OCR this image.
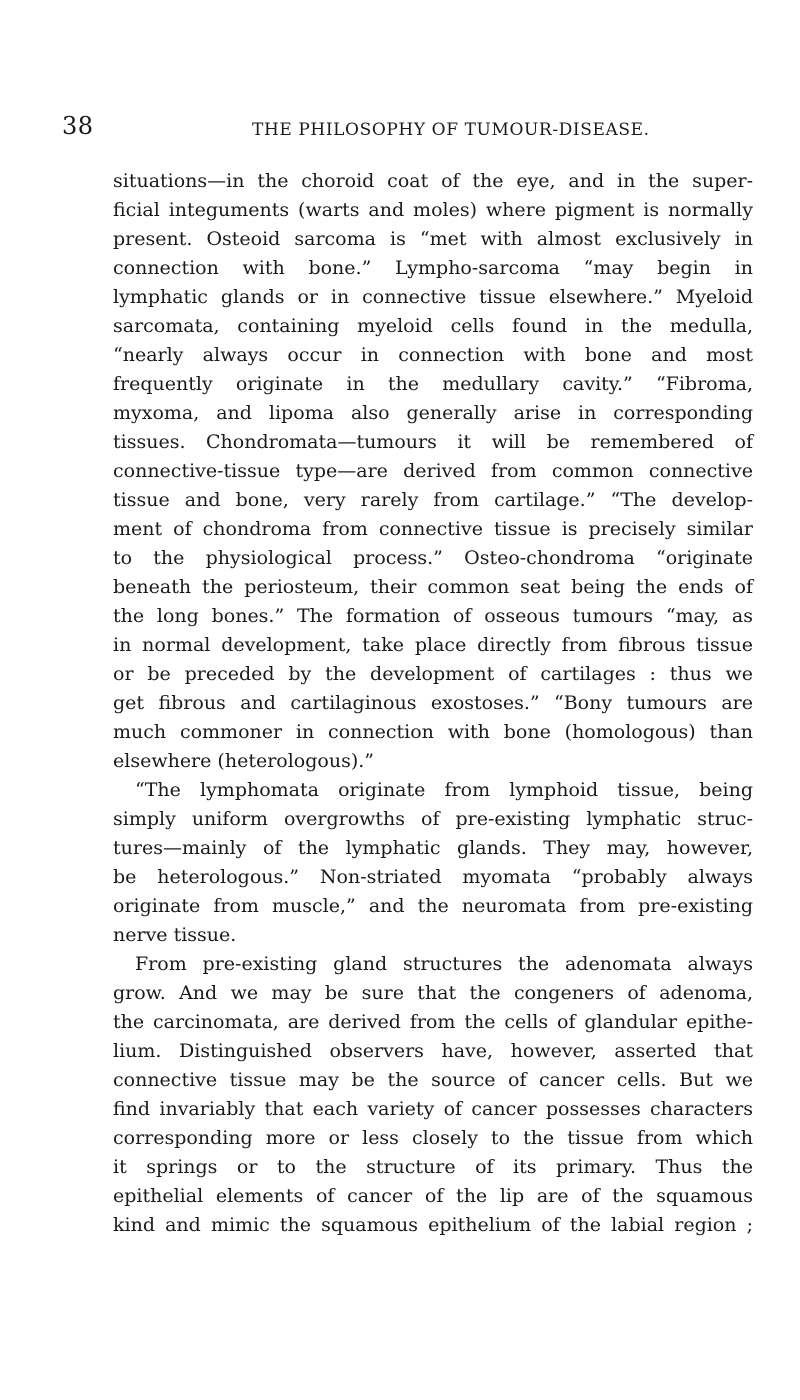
38	THE PHILOSOPHY OF TUMOUR-DISEASE.
situations—in the choroid coat of the eye, and in the super-
ficial integuments (warts and moles) where pigment is normally
present. Osteoid sarcoma is “met with almost exclusively in
connection with bone.” Lympho-sarcoma “may begin in
lymphatic glands or in connective tissue elsewhere.” Myeloid
sarcomata, containing myeloid cells found in the medulla,
“nearly always occur in connection with bone and most
frequently originate in the medullary cavity.” “Fibroma,
myxoma, and lipoma also generally arise in corresponding
tissues. Chondromata—tumours it will be remembered of
connective-tissue type—are derived from common connective
tissue and bone, very rarely from cartilage.” “The develop-
ment of chondroma from connective tissue is precisely similar
to the physiological process.” Osteo-chondroma “originate
beneath the periosteum, their common seat being the ends of
the long bones.” The formation of osseous tumours “may, as
in normal development, take place directly from fibrous tissue
or be preceded by the development of cartilages : thus we
get fibrous and cartilaginous exostoses.” “Bony tumours are
much commoner in connection with bone (homologous) than
elsewhere (heterologous).”
“The lymphomata originate from lymphoid tissue, being
simply uniform overgrowths of pre-existing lymphatic struc-
tures—mainly of the lymphatic glands. They may, however,
be heterologous.” Non-striated myomata “probably always
originate from muscle,” and the neuromata from pre-existing
nerve tissue.
From pre-existing gland structures the adenomata always
grow. And we may be sure that the congeners of adenoma,
the carcinomata, are derived from the cells of glandular epithe-
lium. Distinguished observers have, however, asserted that
connective tissue may be the source of cancer cells. But we
find invariably that each variety of cancer possesses characters
corresponding more or less closely to the tissue from which
it springs or to the structure of its primary. Thus the
epithelial elements of cancer of the lip are of the squamous
kind and mimic the squamous epithelium of the labial region ;
